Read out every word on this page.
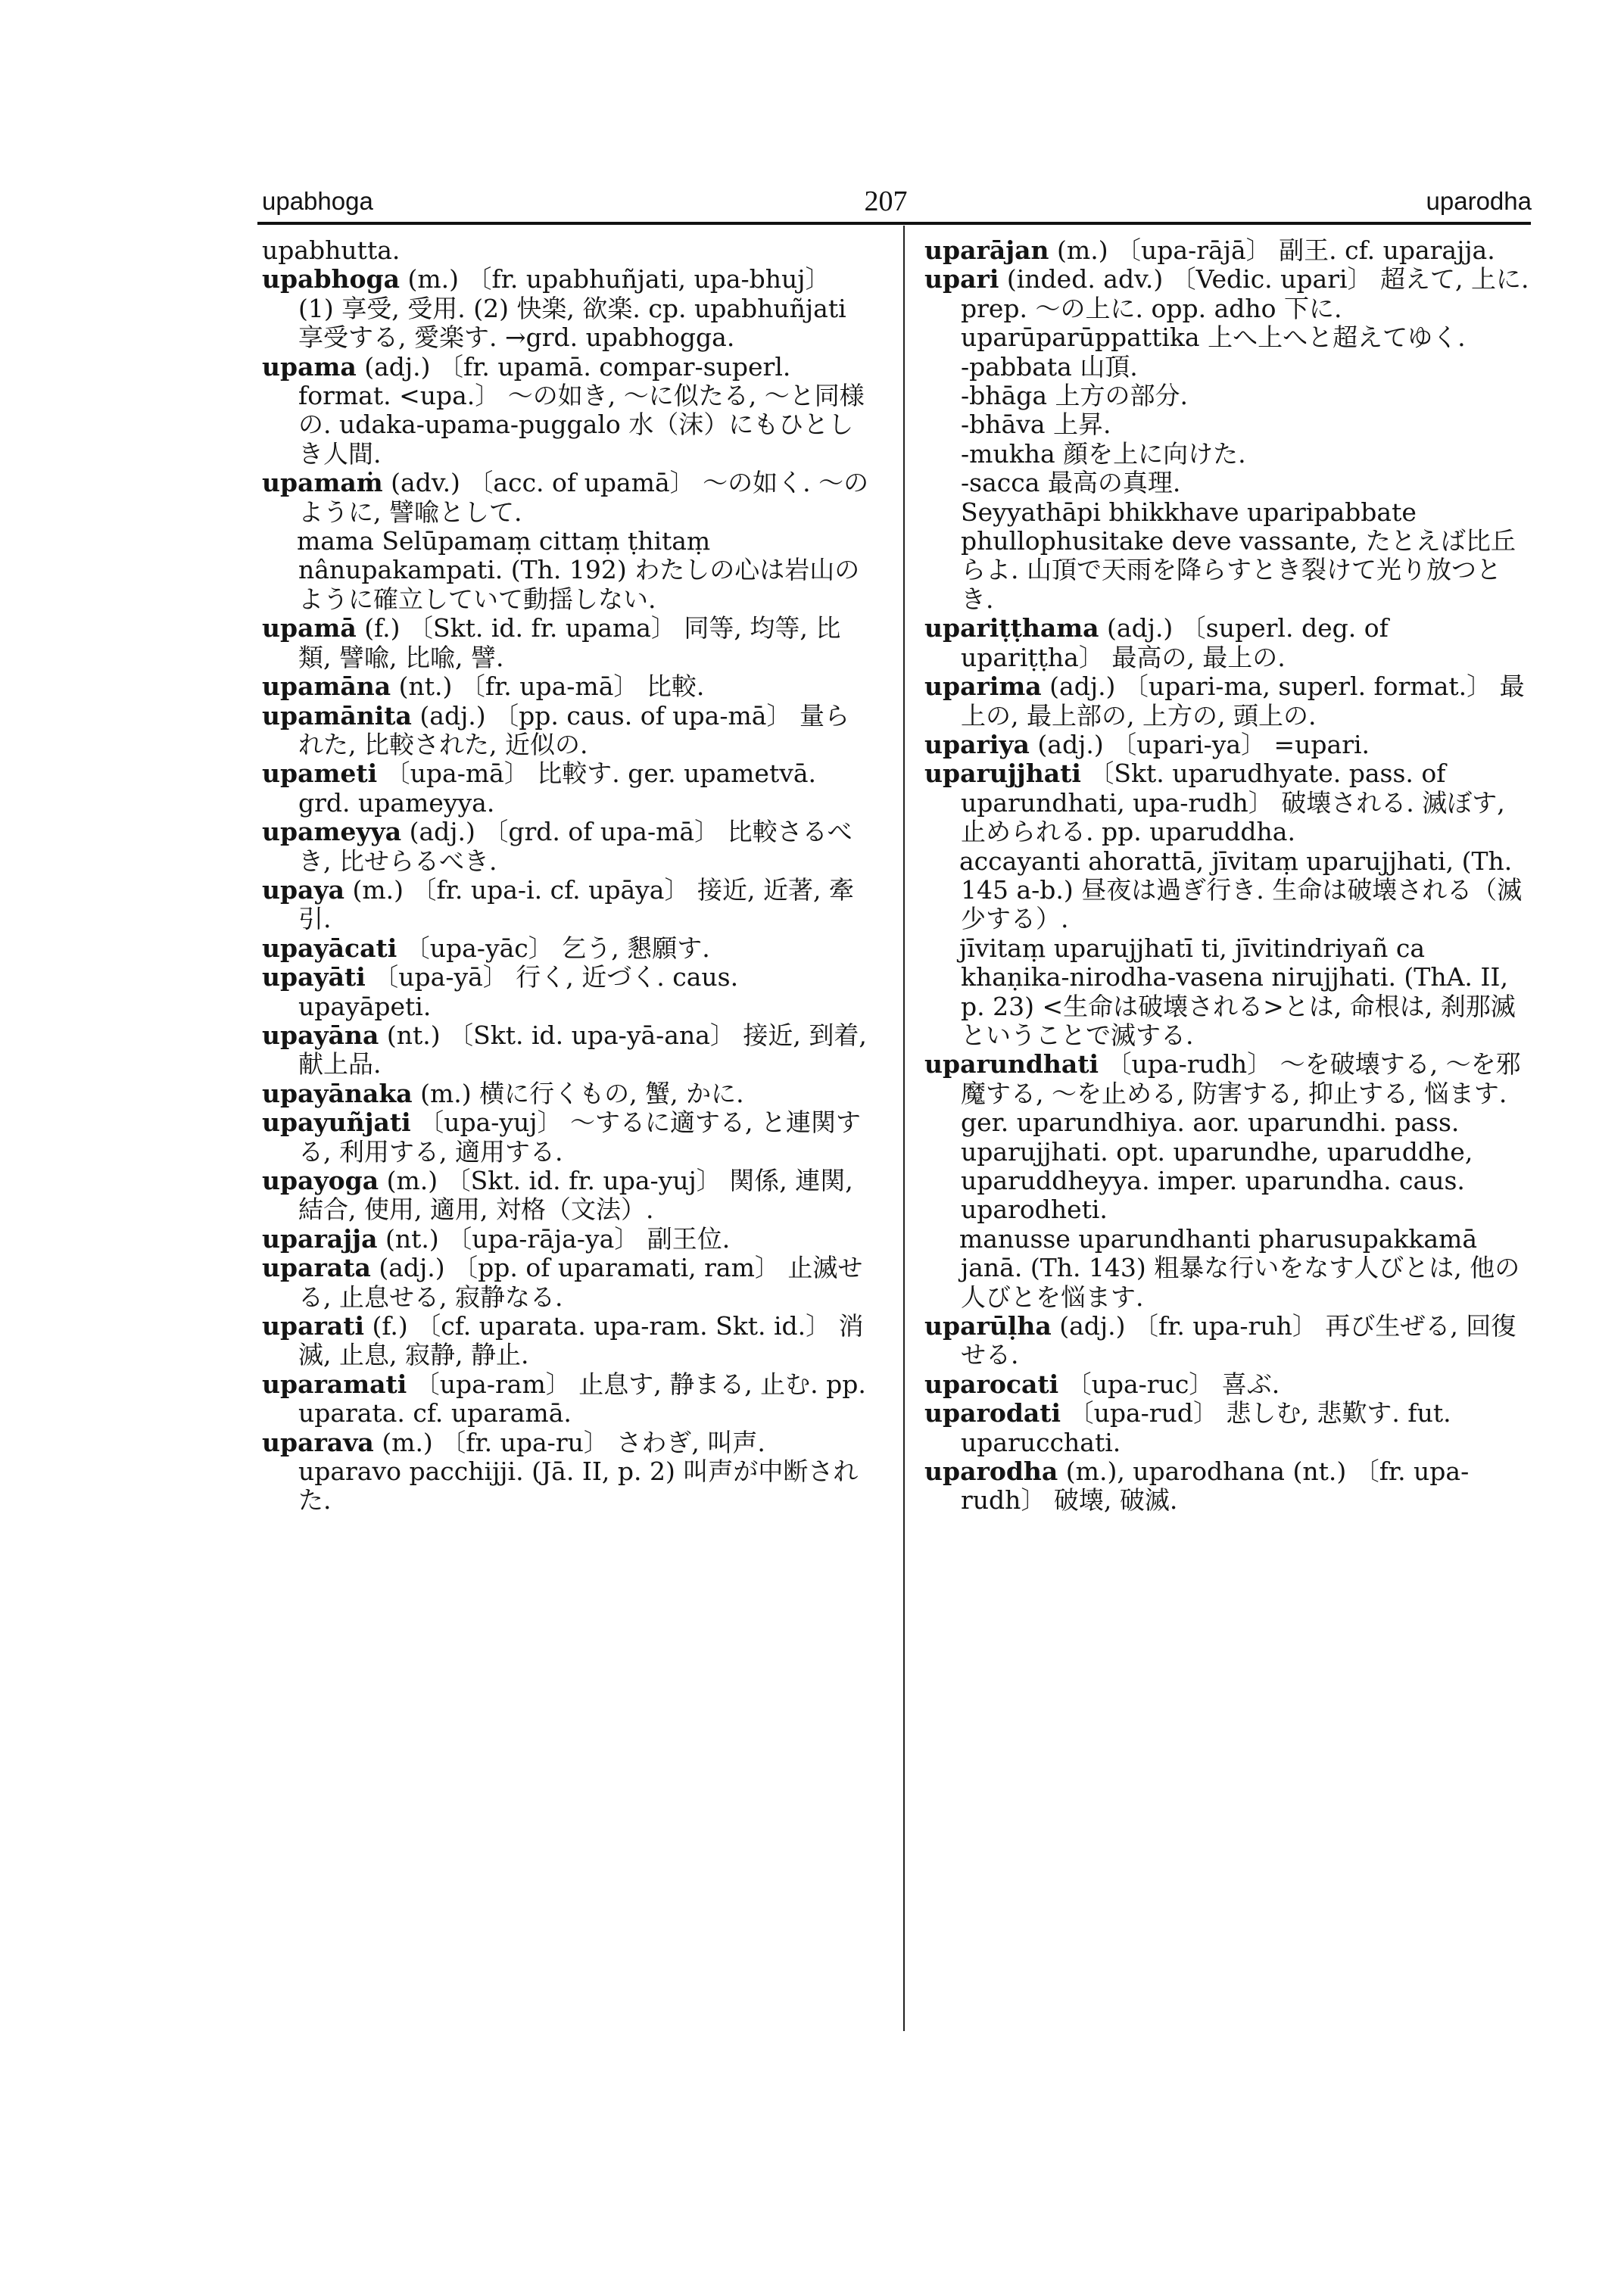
upabhoga	207	uparodha

upabhutta.

upabhoga (m.) 〔fr. upabhuñjati, upa-bhuj〕 (1) 享受, 受用. (2) 快楽, 欲楽. cp. upabhuñjati 享受する, 愛楽す. →grd. upabhogga.

upama (adj.) 〔fr. upamā. compar-superl. format. <upa.〕 ～の如き, ～に似たる, ～と同様の. udaka-upama-puggalo 水（沫）にもひとしき人間.

upamaṁ (adv.) 〔acc. of upamā〕 ～の如く. ～のように, 譬喩として.

mama Selūpamaṃ cittaṃ ṭhitaṃ nânupakampati. (Th. 192) わたしの心は岩山のように確立していて動揺しない.

upamā (f.) 〔Skt. id. fr. upama〕 同等, 均等, 比類, 譬喩, 比喩, 譬.

upamāna (nt.) 〔fr. upa-mā〕 比較.

upamānita (adj.) 〔pp. caus. of upa-mā〕 量られた, 比較された, 近似の.

upameti 〔upa-mā〕 比較す. ger. upametvā. grd. upameyya.

upameyya (adj.) 〔grd. of upa-mā〕 比較さるべき, 比せらるべき.

upaya (m.) 〔fr. upa-i. cf. upāya〕 接近, 近著, 牽引.

upayācati 〔upa-yāc〕 乞う, 懇願す.

upayāti 〔upa-yā〕 行く, 近づく. caus. upayāpeti.

upayāna (nt.) 〔Skt. id. upa-yā-ana〕 接近, 到着, 献上品.

upayānaka (m.) 横に行くもの, 蟹, かに.

upayuñjati 〔upa-yuj〕 ～するに適する, と連関する, 利用する, 適用する.

upayoga (m.) 〔Skt. id. fr. upa-yuj〕 関係, 連関, 結合, 使用, 適用, 対格（文法）.

uparajja (nt.) 〔upa-rāja-ya〕 副王位.

uparata (adj.) 〔pp. of uparamati, ram〕 止滅せる, 止息せる, 寂静なる.

uparati (f.) 〔cf. uparata. upa-ram. Skt. id.〕 消滅, 止息, 寂静, 静止.

uparamati 〔upa-ram〕 止息す, 静まる, 止む. pp. uparata. cf. uparamā.

uparava (m.) 〔fr. upa-ru〕 さわぎ, 叫声. uparavo pacchijji. (Jā. II, p. 2) 叫声が中断された.

uparājan (m.) 〔upa-rājā〕 副王. cf. uparajja.

upari (inded. adv.) 〔Vedic. upari〕 超えて, 上に. prep. ～の上に. opp. adho 下に. uparūparūppattika 上へ上へと超えてゆく.

-pabbata 山頂.

-bhāga 上方の部分.

-bhāva 上昇.

-mukha 顔を上に向けた.

-sacca 最高の真理.

Seyyathāpi bhikkhave uparipabbate phullophusitake deve vassante, たとえば比丘らよ. 山頂で天雨を降らすとき裂けて光り放つとき.

upariṭṭhama (adj.) 〔superl. deg. of upariṭṭha〕 最高の, 最上の.

uparima (adj.) 〔upari-ma, superl. format.〕 最上の, 最上部の, 上方の, 頭上の.

upariya (adj.) 〔upari-ya〕 =upari.

uparujjhati 〔Skt. uparudhyate. pass. of uparundhati, upa-rudh〕 破壊される. 滅ぼす, 止められる. pp. uparuddha.

accayanti ahorattā, jīvitaṃ uparujjhati, (Th. 145 a-b.) 昼夜は過ぎ行き. 生命は破壊される（滅少する）.

jīvitaṃ uparujjhatī ti, jīvitindriyañ ca khaṇika-nirodha-vasena nirujjhati. (ThA. II, p. 23) <生命は破壊される>とは, 命根は, 刹那滅ということで滅する.

uparundhati 〔upa-rudh〕 ～を破壊する, ～を邪魔する, ～を止める, 防害する, 抑止する, 悩ます. ger. uparundhiya. aor. uparundhi. pass. uparujjhati. opt. uparundhe, uparuddhe, uparuddheyya. imper. uparundha. caus. uparodheti.

manusse uparundhanti pharusupakkamā janā. (Th. 143) 粗暴な行いをなす人びとは, 他の人びとを悩ます.

uparūḷha (adj.) 〔fr. upa-ruh〕 再び生ぜる, 回復せる.

uparocati 〔upa-ruc〕 喜ぶ.

uparodati 〔upa-rud〕 悲しむ, 悲歎す. fut. uparucchati.

uparodha (m.), uparodhana (nt.) 〔fr. upa-rudh〕 破壊, 破滅.
